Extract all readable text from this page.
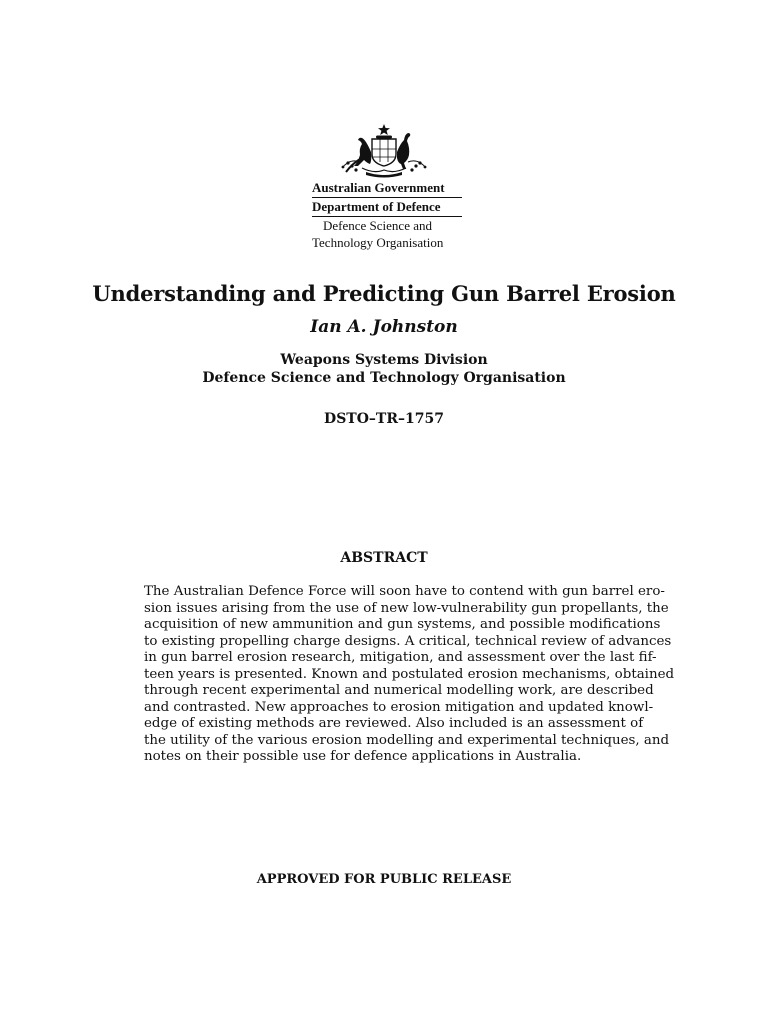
Australian Government
Department of Defence
Defence Science and
Technology Organisation
Understanding and Predicting Gun Barrel Erosion
Ian A. Johnston
Weapons Systems Division
Defence Science and Technology Organisation
DSTO–TR–1757
ABSTRACT
The Australian Defence Force will soon have to contend with gun barrel ero-
sion issues arising from the use of new low-vulnerability gun propellants, the
acquisition of new ammunition and gun systems, and possible modifications
to existing propelling charge designs. A critical, technical review of advances
in gun barrel erosion research, mitigation, and assessment over the last fif-
teen years is presented. Known and postulated erosion mechanisms, obtained
through recent experimental and numerical modelling work, are described
and contrasted. New approaches to erosion mitigation and updated knowl-
edge of existing methods are reviewed. Also included is an assessment of
the utility of the various erosion modelling and experimental techniques, and
notes on their possible use for defence applications in Australia.
APPROVED FOR PUBLIC RELEASE
